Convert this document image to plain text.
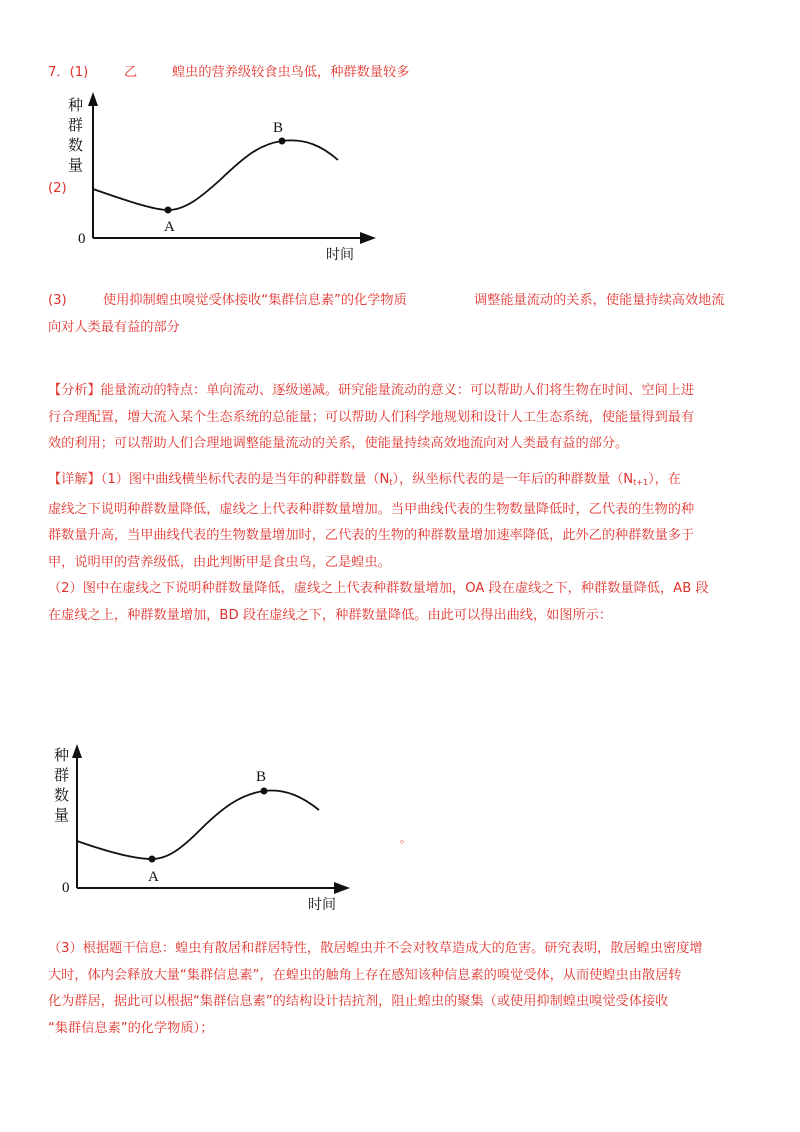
7．(1)	乙	蝗虫的营养级较食虫鸟低，种群数量较多
(2)
种
群
数
量
0
时间
A
B
(3)	使用抑制蝗虫嗅觉受体接收“集群信息素”的化学物质	调整能量流动的关系，使能量持续高效地流
向对人类最有益的部分
【分析】能量流动的特点：单向流动、逐级递减。研究能量流动的意义：可以帮助人们将生物在时间、空间上进
行合理配置，增大流入某个生态系统的总能量；可以帮助人们科学地规划和设计人工生态系统，使能量得到最有
效的利用；可以帮助人们合理地调整能量流动的关系，使能量持续高效地流向对人类最有益的部分。
【详解】（1）图中曲线横坐标代表的是当年的种群数量$(N_t)$，纵坐标代表的是一年后的种群数量$(N_{t+1})$，在
虚线之下说明种群数量降低，虚线之上代表种群数量增加。当甲曲线代表的生物数量降低时，乙代表的生物的种
群数量升高，当甲曲线代表的生物数量增加时，乙代表的生物的种群数量增加速率降低，此外乙的种群数量多于
甲，说明甲的营养级低，由此判断甲是食虫鸟，乙是蝗虫。
（2）图中在虚线之下说明种群数量降低，虚线之上代表种群数量增加，OA 段在虚线之下，种群数量降低，AB 段
在虚线之上，种群数量增加，BD 段在虚线之下，种群数量降低。由此可以得出曲线，如图所示：
种
群
数
量
0
时间
A
B
。
（3）根据题干信息：蝗虫有散居和群居特性，散居蝗虫并不会对牧草造成大的危害。研究表明，散居蝗虫密度增
大时，体内会释放大量“集群信息素”，在蝗虫的触角上存在感知该种信息素的嗅觉受体，从而使蝗虫由散居转
化为群居，据此可以根据“集群信息素”的结构设计拮抗剂，阻止蝗虫的聚集（或使用抑制蝗虫嗅觉受体接收
“集群信息素”的化学物质）；
